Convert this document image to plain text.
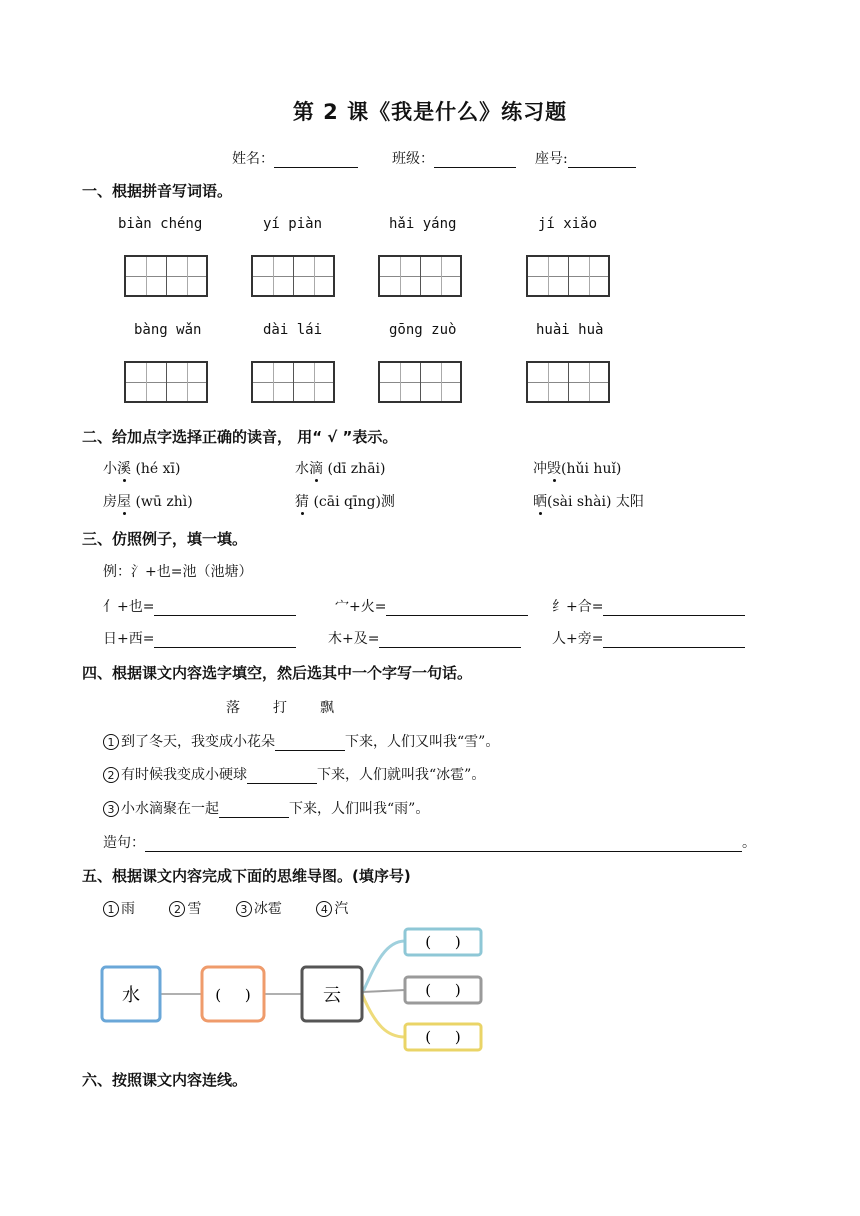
第 2 课《我是什么》练习题
姓名：	班级：	座号:
一、根据拼音写词语。
biàn chéng	yí piàn	hǎi yáng	jí xiǎo
bàng wǎn	dài lái	gōng zuò	huài huà
二、给加点字选择正确的读音， 用“ √ ”表示。
小溪 (hé xī)	水滴 (dī zhāi)	冲毁(hǔi huǐ)
房屋 (wū zhì)	猜 (cāi qīng)测	晒(sài shài) 太阳
三、仿照例子，填一填。
例：氵+也=池（池塘）
亻+也=	宀+火=	纟+合=
日+西=	木+及=	人+旁=
四、根据课文内容选字填空，然后选其中一个字写一句话。
落 打 飘
1 到了冬天，我变成小花朵	下来，人们又叫我“雪”。
2 有时候我变成小硬球	下来，人们就叫我“冰雹”。
3 小水滴聚在一起	下来，人们叫我“雨”。
造句：	。
五、根据课文内容完成下面的思维导图。(填序号)
1 雨	2 雪	3 冰雹	4 汽
水	(     )	云
(     )
(     )
(     )
六、按照课文内容连线。
